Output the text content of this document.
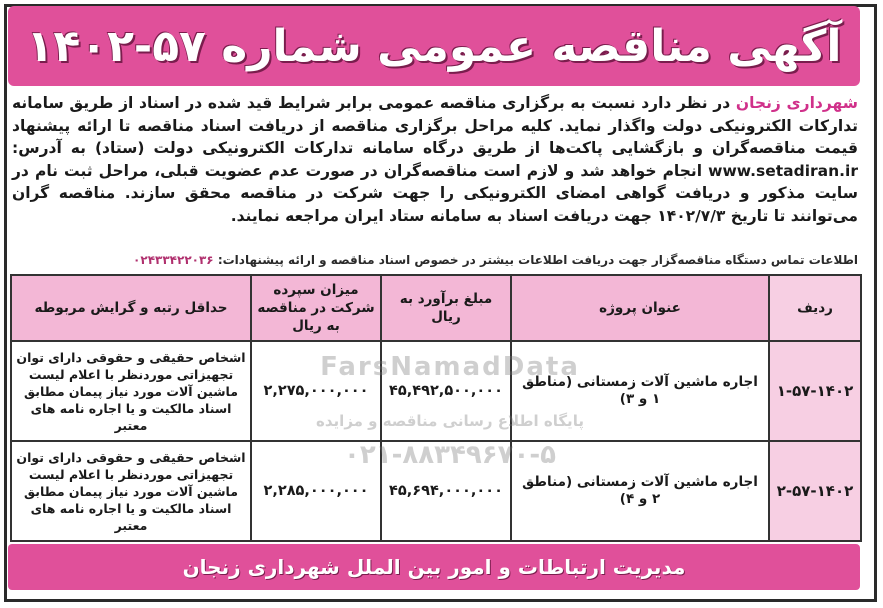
آگهی مناقصه عمومی شماره ۵۷-۱۴۰۲
شهرداری زنجان در نظر دارد نسبت به برگزاری مناقصه عمومی برابر شرایط قید شده در اسناد از طریق سامانه تدارکات الکترونیکی دولت واگذار نماید. کلیه مراحل برگزاری مناقصه از دریافت اسناد مناقصه تا ارائه پیشنهاد قیمت مناقصه‌گران و بازگشایی پاکت‌ها از طریق درگاه سامانه تدارکات الکترونیکی دولت (ستاد) به آدرس: www.setadiran.ir انجام خواهد شد و لازم است مناقصه‌گران در صورت عدم عضویت قبلی، مراحل ثبت نام در سایت مذکور و دریافت گواهی امضای الکترونیکی را جهت شرکت در مناقصه محقق سازند. مناقصه گران می‌توانند تا تاریخ ۱۴۰۲/۷/۳ جهت دریافت اسناد به سامانه ستاد ایران مراجعه نمایند.
اطلاعات تماس دستگاه مناقصه‌گزار جهت دریافت اطلاعات بیشتر در خصوص اسناد مناقصه و ارائه پیشنهادات: ۰۲۴۳۳۴۲۲۰۳۶
ردیف	عنوان پروژه	مبلغ برآورد به ریال	میزان سپرده شرکت در مناقصه به ریال	حداقل رتبه و گرایش مربوطه
۱-۵۷-۱۴۰۲	اجاره ماشین آلات زمستانی (مناطق ۱ و ۳)	۴۵,۴۹۲,۵۰۰,۰۰۰	۲,۲۷۵,۰۰۰,۰۰۰	اشخاص حقیقی و حقوقی دارای توان تجهیزاتی موردنظر با اعلام لیست ماشین آلات مورد نیاز پیمان مطابق اسناد مالکیت و یا اجاره نامه های معتبر
۲-۵۷-۱۴۰۲	اجاره ماشین آلات زمستانی (مناطق ۲ و ۴)	۴۵,۶۹۴,۰۰۰,۰۰۰	۲,۲۸۵,۰۰۰,۰۰۰	اشخاص حقیقی و حقوقی دارای توان تجهیزاتی موردنظر با اعلام لیست ماشین آلات مورد نیاز پیمان مطابق اسناد مالکیت و یا اجاره نامه های معتبر
FarsNamadData
پایگاه اطلاع رسانی مناقصه و مزایده
۰۲۱-۸۸۳۴۹۶۷۰-۵
مدیریت ارتباطات و امور بین الملل شهرداری زنجان
